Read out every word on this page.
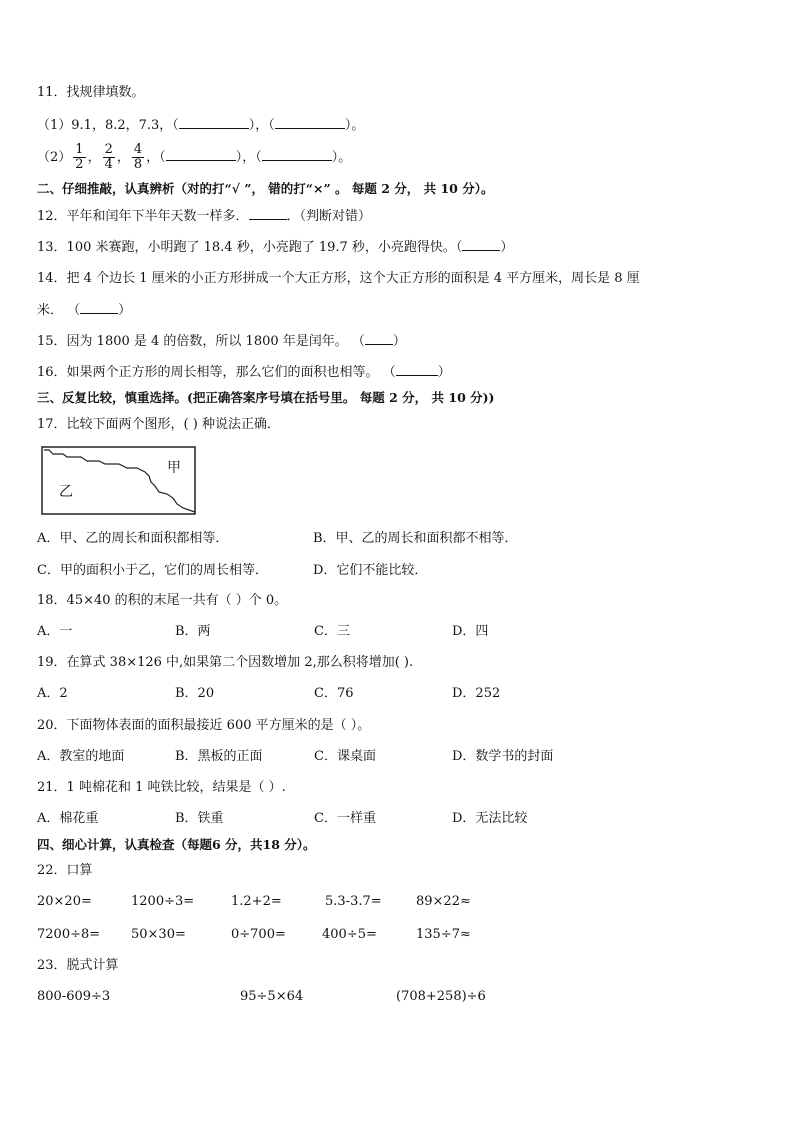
11．找规律填数。
（1）9.1，8.2，7.3，（	），（	）。
$(2) \frac{1}{2}$ ， $\frac{2}{4}$ ， $\frac{4}{8}$ ，（	），（	）。
二、仔细推敲，认真辨析（对的打“√ ”， 错的打“×” 。 每题 2 分， 共 10 分）。
12．平年和闰年下半年天数一样多．	．（判断对错）
13．100 米赛跑，小明跑了 18.4 秒，小亮跑了 19.7 秒，小亮跑得快。（	）
14．把 4 个边长 1 厘米的小正方形拼成一个大正方形，这个大正方形的面积是 4 平方厘米，周长是 8 厘
米． （	）
15．因为 1800 是 4 的倍数，所以 1800 年是闰年。 （ ）
16．如果两个正方形的周长相等，那么它们的面积也相等。 （	）
三、反复比较，慎重选择。(把正确答案序号填在括号里。 每题 2 分， 共 10 分))
17．比较下面两个图形，( ) 种说法正确．
甲
乙
A．甲、乙的周长和面积都相等．	B．甲、乙的周长和面积都不相等．
C．甲的面积小于乙，它们的周长相等．	D．它们不能比较．
18．45×40 的积的末尾一共有（ ）个 0。
A．一	B．两	C．三	D．四
19．在算式 38×126 中,如果第二个因数增加 2,那么积将增加( ).
A．2	B．20	C．76	D．252
20．下面物体表面的面积最接近 600 平方厘米的是（ ）。
A．教室的地面	B．黑板的正面	C．课桌面	D．数学书的封面
21．1 吨棉花和 1 吨铁比较，结果是（ ）.
A．棉花重	B．铁重	C．一样重	D．无法比较
四、细心计算，认真检查（每题6 分，共18 分）。
22．口算
20×20=	1200÷3=	1.2+2=	5.3-3.7=	89×22≈
7200÷8= 50×30=	0÷700=	400÷5=	135÷7≈
23．脱式计算
800-609÷3	95÷5×64	(708+258)÷6
